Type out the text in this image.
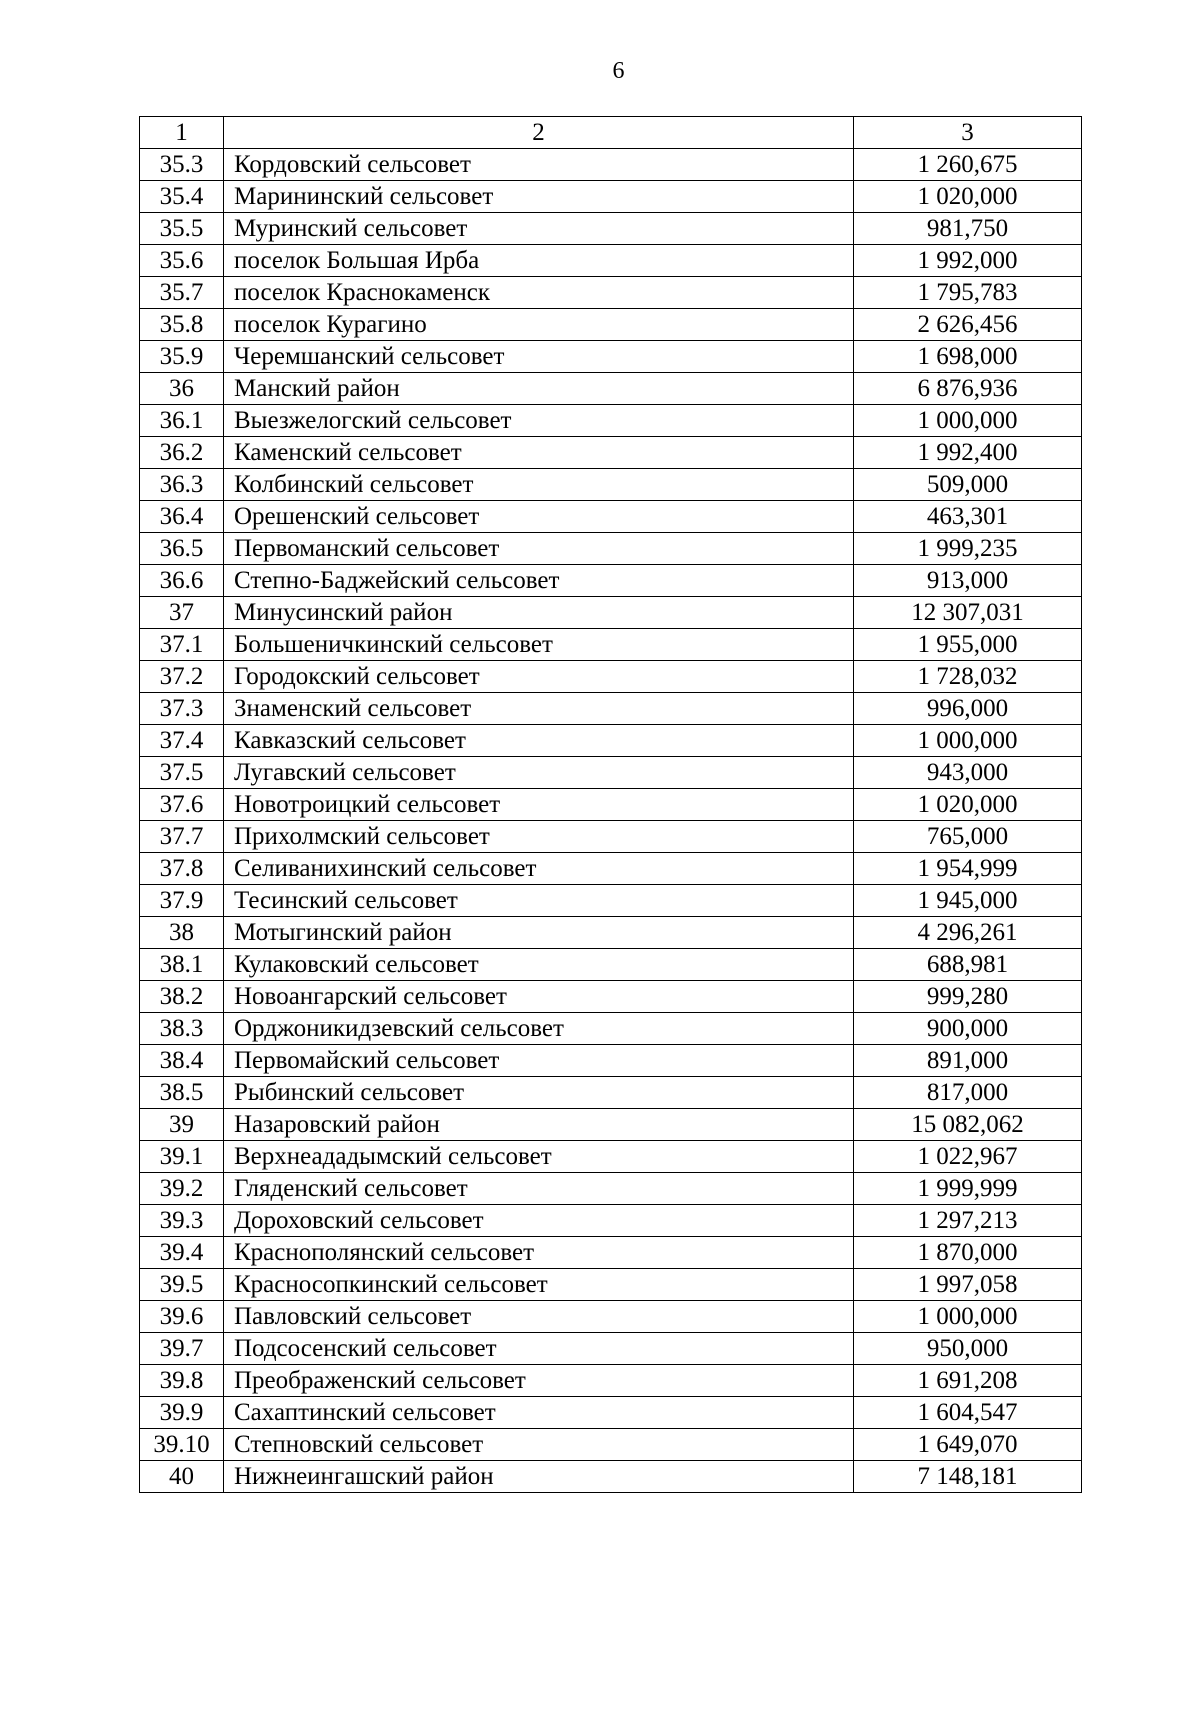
6
1	2	3
35.3	Кордовский сельсовет	1 260,675
35.4	Марининский сельсовет	1 020,000
35.5	Муринский сельсовет	981,750
35.6	поселок Большая Ирба	1 992,000
35.7	поселок Краснокаменск	1 795,783
35.8	поселок Курагино	2 626,456
35.9	Черемшанский сельсовет	1 698,000
36	Манский район	6 876,936
36.1	Выезжелогский сельсовет	1 000,000
36.2	Каменский сельсовет	1 992,400
36.3	Колбинский сельсовет	509,000
36.4	Орешенский сельсовет	463,301
36.5	Первоманский сельсовет	1 999,235
36.6	Степно-Баджейский сельсовет	913,000
37	Минусинский район	12 307,031
37.1	Большеничкинский сельсовет	1 955,000
37.2	Городокский сельсовет	1 728,032
37.3	Знаменский сельсовет	996,000
37.4	Кавказский сельсовет	1 000,000
37.5	Лугавский сельсовет	943,000
37.6	Новотроицкий сельсовет	1 020,000
37.7	Прихолмский сельсовет	765,000
37.8	Селиванихинский сельсовет	1 954,999
37.9	Тесинский сельсовет	1 945,000
38	Мотыгинский район	4 296,261
38.1	Кулаковский сельсовет	688,981
38.2	Новоангарский сельсовет	999,280
38.3	Орджоникидзевский сельсовет	900,000
38.4	Первомайский сельсовет	891,000
38.5	Рыбинский сельсовет	817,000
39	Назаровский район	15 082,062
39.1	Верхнеададымский сельсовет	1 022,967
39.2	Гляденский сельсовет	1 999,999
39.3	Дороховский сельсовет	1 297,213
39.4	Краснополянский сельсовет	1 870,000
39.5	Красносопкинский сельсовет	1 997,058
39.6	Павловский сельсовет	1 000,000
39.7	Подсосенский сельсовет	950,000
39.8	Преображенский сельсовет	1 691,208
39.9	Сахаптинский сельсовет	1 604,547
39.10	Степновский сельсовет	1 649,070
40	Нижнеингашский район	7 148,181
